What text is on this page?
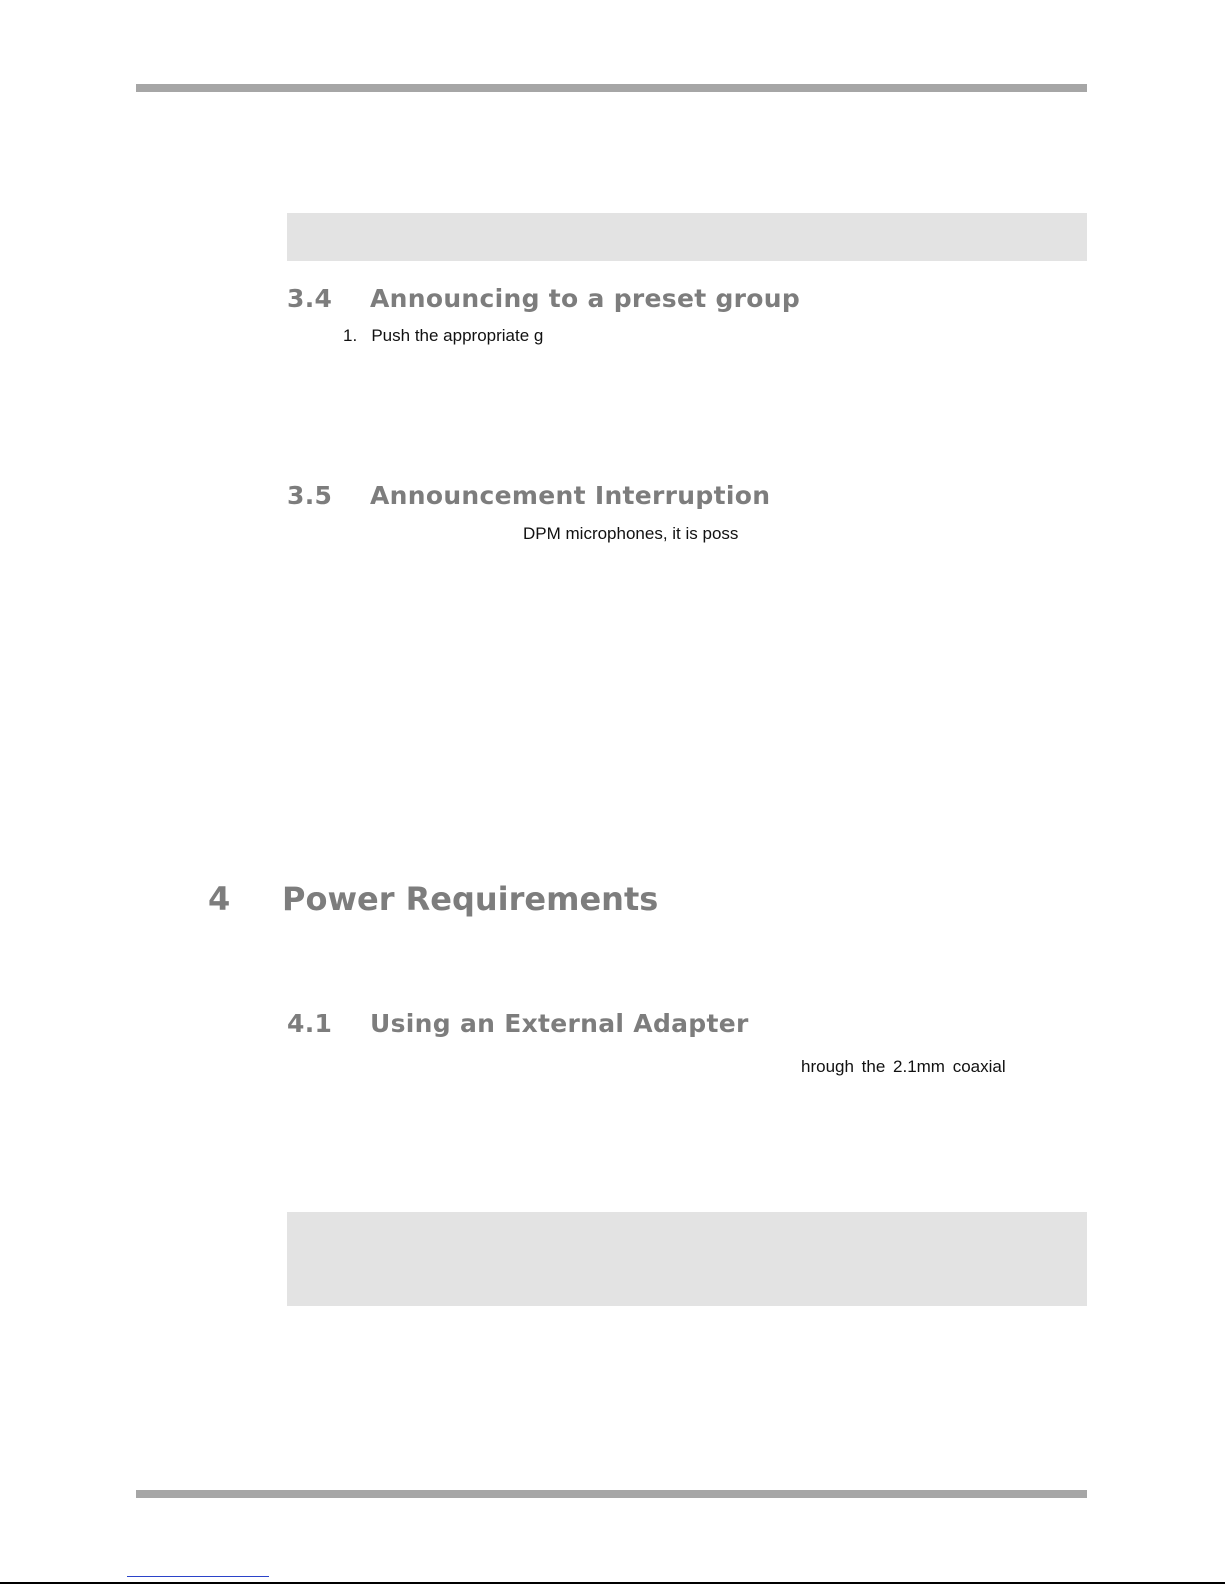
3.4 Announcing to a preset group

1.   Push the appropriate g

3.5 Announcement Interruption

DPM microphones, it is poss

4 Power Requirements
4.1 Using an External Adapter

hrough the 2.1mm coaxial
